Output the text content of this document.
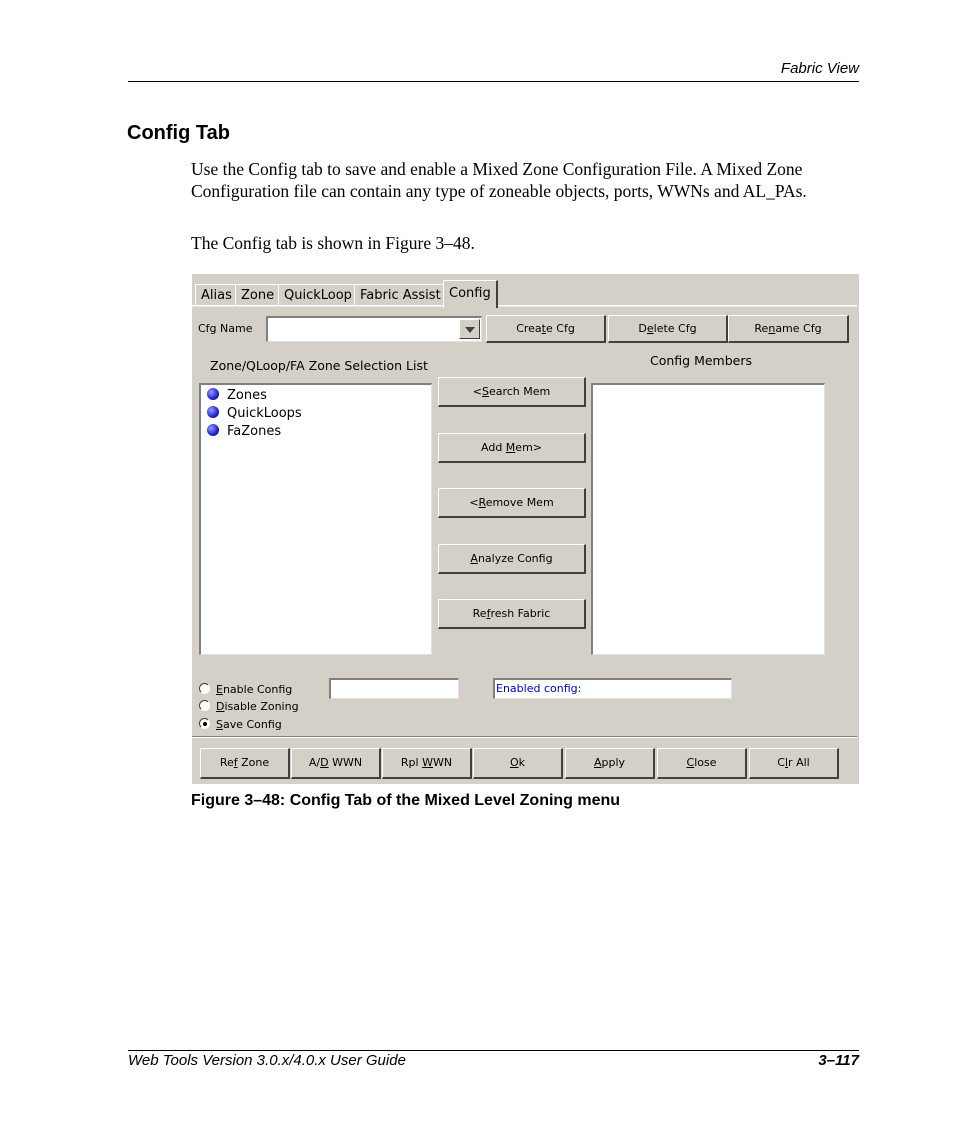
Fabric View
Config Tab
Use the Config tab to save and enable a Mixed Zone Configuration File. A Mixed Zone Configuration file can contain any type of zoneable objects, ports, WWNs and AL_PAs.
The Config tab is shown in Figure 3–48.
Alias Zone QuickLoop Fabric Assist Config
Cfg Name	Create Cfg	Delete Cfg	Rename Cfg
Zone/QLoop/FA Zone Selection List	Config Members
Zones
QuickLoops
FaZones
<Search Mem
Add Mem>
<Remove Mem
Analyze Config
Refresh Fabric
Enable Config
Disable Zoning
Save Config
Enabled config:
Ref Zone	A/D WWN	Rpl WWN	Ok	Apply	Close	Clr All
Figure 3–48: Config Tab of the Mixed Level Zoning menu
Web Tools Version 3.0.x/4.0.x User Guide	3–117
